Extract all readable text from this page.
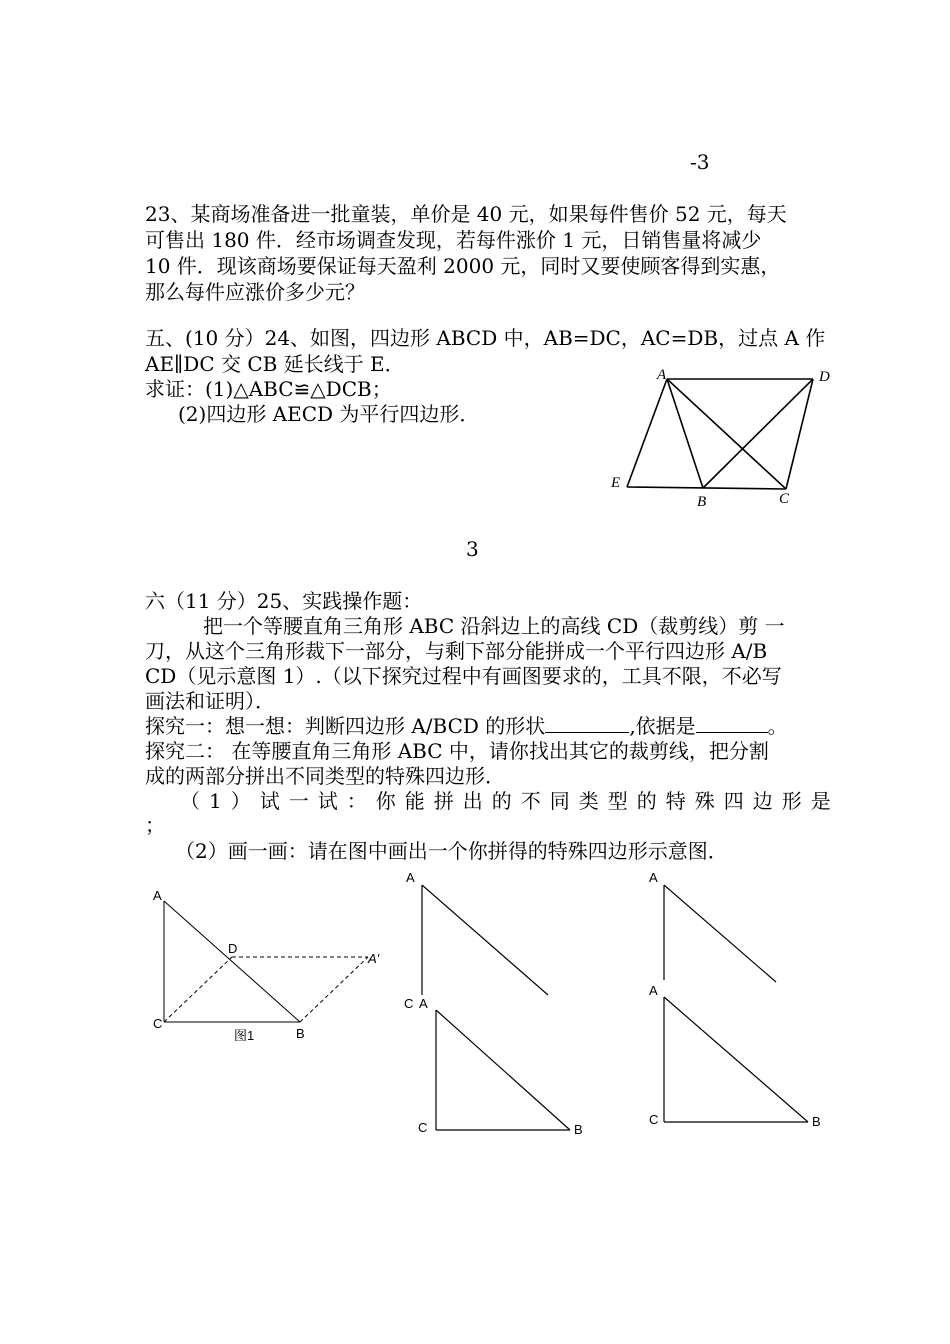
-3
3
23、某商场准备进一批童装，单价是 40 元，如果每件售价 52 元，每天
可售出 180 件．经市场调查发现，若每件涨价 1 元，日销售量将减少
10 件．现该商场要保证每天盈利 2000 元，同时又要使顾客得到实惠，
那么每件应涨价多少元？
五、(10 分）24、如图，四边形 ABCD 中，AB=DC，AC=DB，过点 A 作
AE∥DC 交 CB 延长线于 E．
求证：(1)△ABC≌△DCB；
(2)四边形 AECD 为平行四边形．
六（11 分）25、实践操作题：
把一个等腰直角三角形 ABC 沿斜边上的高线 CD（裁剪线）剪 一
刀，从这个三角形裁下一部分，与剩下部分能拼成一个平行四边形 A/B
CD（见示意图 1）.（以下探究过程中有画图要求的，工具不限，不必写
画法和证明）．
探究一：想一想：判断四边形 A/BCD 的形状	,依据是	。
探究二： 在等腰直角三角形 ABC 中，请你找出其它的裁剪线，把分割
成的两部分拼出不同类型的特殊四边形．
（1）试一试：你能拼出的不同类型的特殊四边形是
；
（2）画一画：请在图中画出一个你拼得的特殊四边形示意图．
A	D
E
B	C
A
D
A'
C
B
图1
A
C A
C	B
A
A
C	B
